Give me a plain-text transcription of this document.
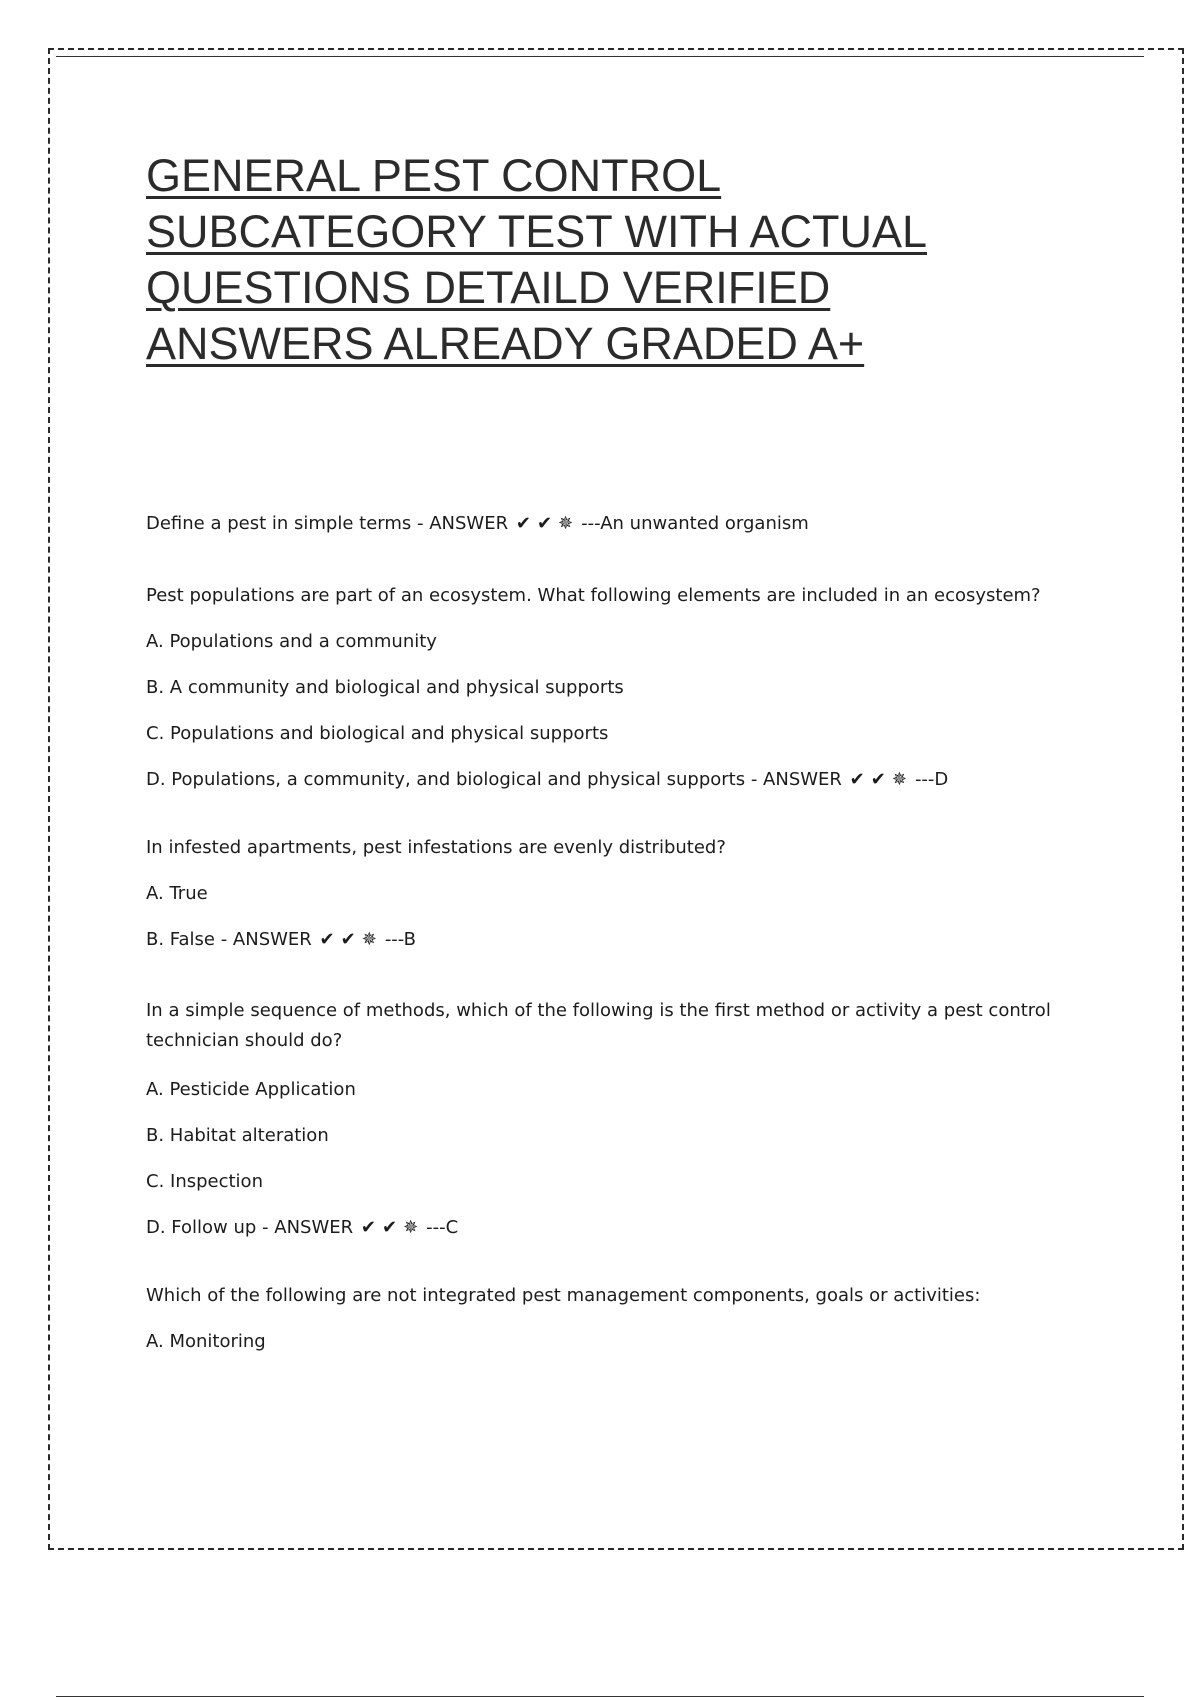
GENERAL PEST CONTROL
SUBCATEGORY TEST WITH ACTUAL
QUESTIONS DETAILD VERIFIED
ANSWERS ALREADY GRADED A+

Define a pest in simple terms - ANSWER ✔✔✵ ---An unwanted organism

Pest populations are part of an ecosystem. What following elements are included in an ecosystem?

A. Populations and a community

B. A community and biological and physical supports

C. Populations and biological and physical supports

D. Populations, a community, and biological and physical supports - ANSWER ✔✔✵ ---D

In infested apartments, pest infestations are evenly distributed?

A. True

B. False - ANSWER ✔✔✵ ---B

In a simple sequence of methods, which of the following is the first method or activity a pest control technician should do?

A. Pesticide Application

B. Habitat alteration

C. Inspection

D. Follow up - ANSWER ✔✔✵ ---C

Which of the following are not integrated pest management components, goals or activities:

A. Monitoring
